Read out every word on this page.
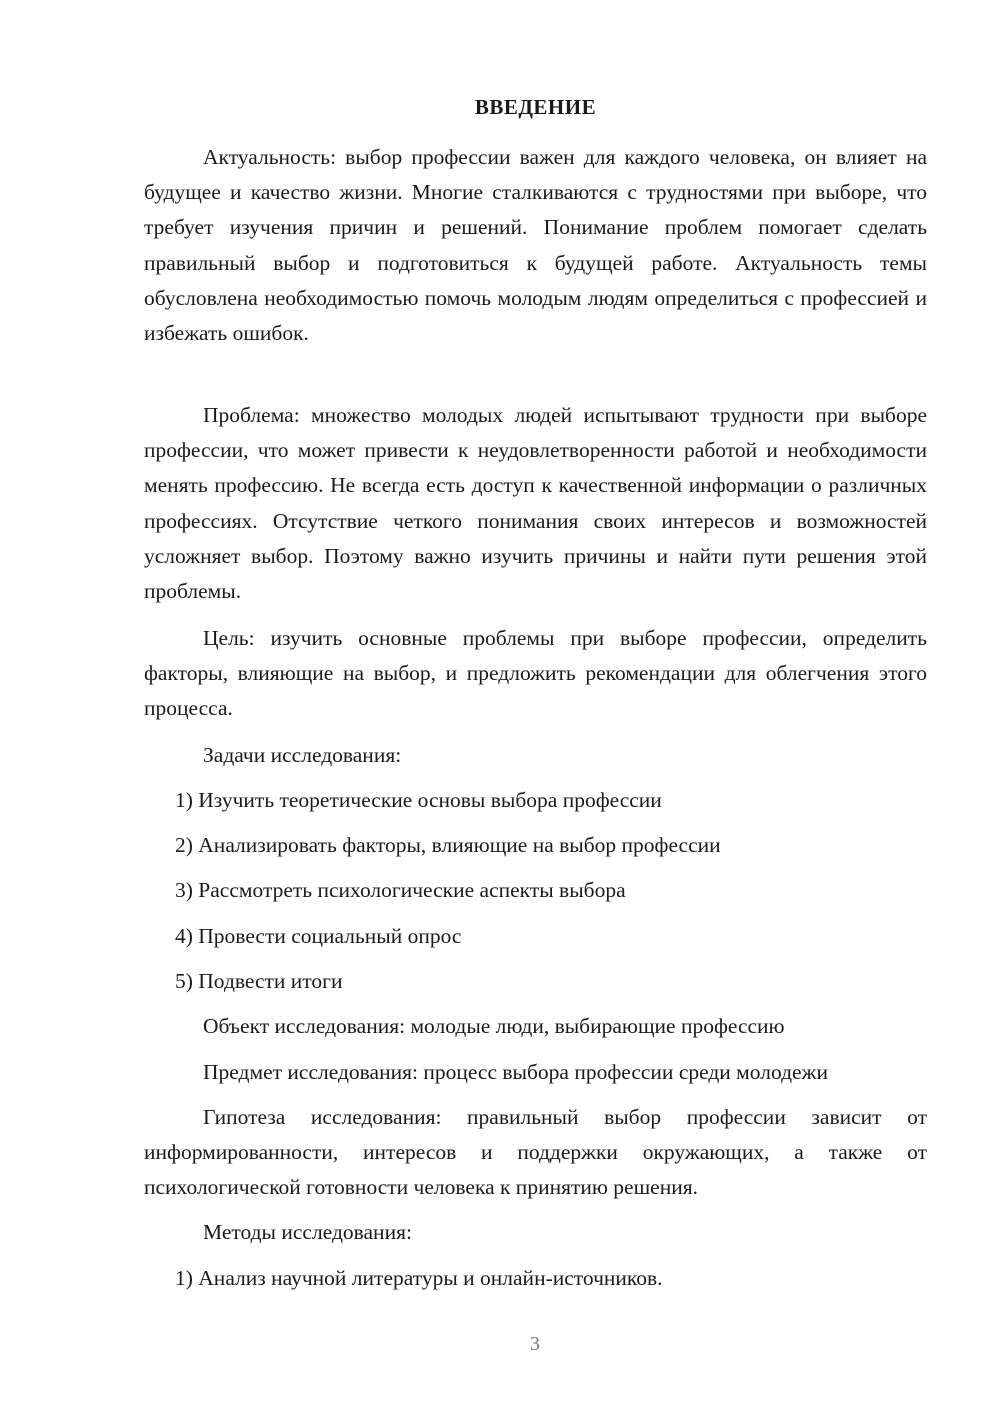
ВВЕДЕНИЕ

Актуальность: выбор профессии важен для каждого человека, он влияет на будущее и качество жизни. Многие сталкиваются с трудностями при выборе, что требует изучения причин и решений. Понимание проблем помогает сделать правильный выбор и подготовиться к будущей работе. Актуальность темы обусловлена необходимостью помочь молодым людям определиться с профессией и избежать ошибок.

Проблема: множество молодых людей испытывают трудности при выборе профессии, что может привести к неудовлетворенности работой и необходимости менять профессию. Не всегда есть доступ к качественной информации о различных профессиях. Отсутствие четкого понимания своих интересов и возможностей усложняет выбор. Поэтому важно изучить причины и найти пути решения этой проблемы.

Цель: изучить основные проблемы при выборе профессии, определить факторы, влияющие на выбор, и предложить рекомендации для облегчения этого процесса.

Задачи исследования:
1) Изучить теоретические основы выбора профессии
2) Анализировать факторы, влияющие на выбор профессии
3) Рассмотреть психологические аспекты выбора
4) Провести социальный опрос
5) Подвести итоги
Объект исследования: молодые люди, выбирающие профессию
Предмет исследования: процесс выбора профессии среди молодежи

Гипотеза исследования: правильный выбор профессии зависит от информированности, интересов и поддержки окружающих, а также от психологической готовности человека к принятию решения.

Методы исследования:
1) Анализ научной литературы и онлайн-источников.
3
